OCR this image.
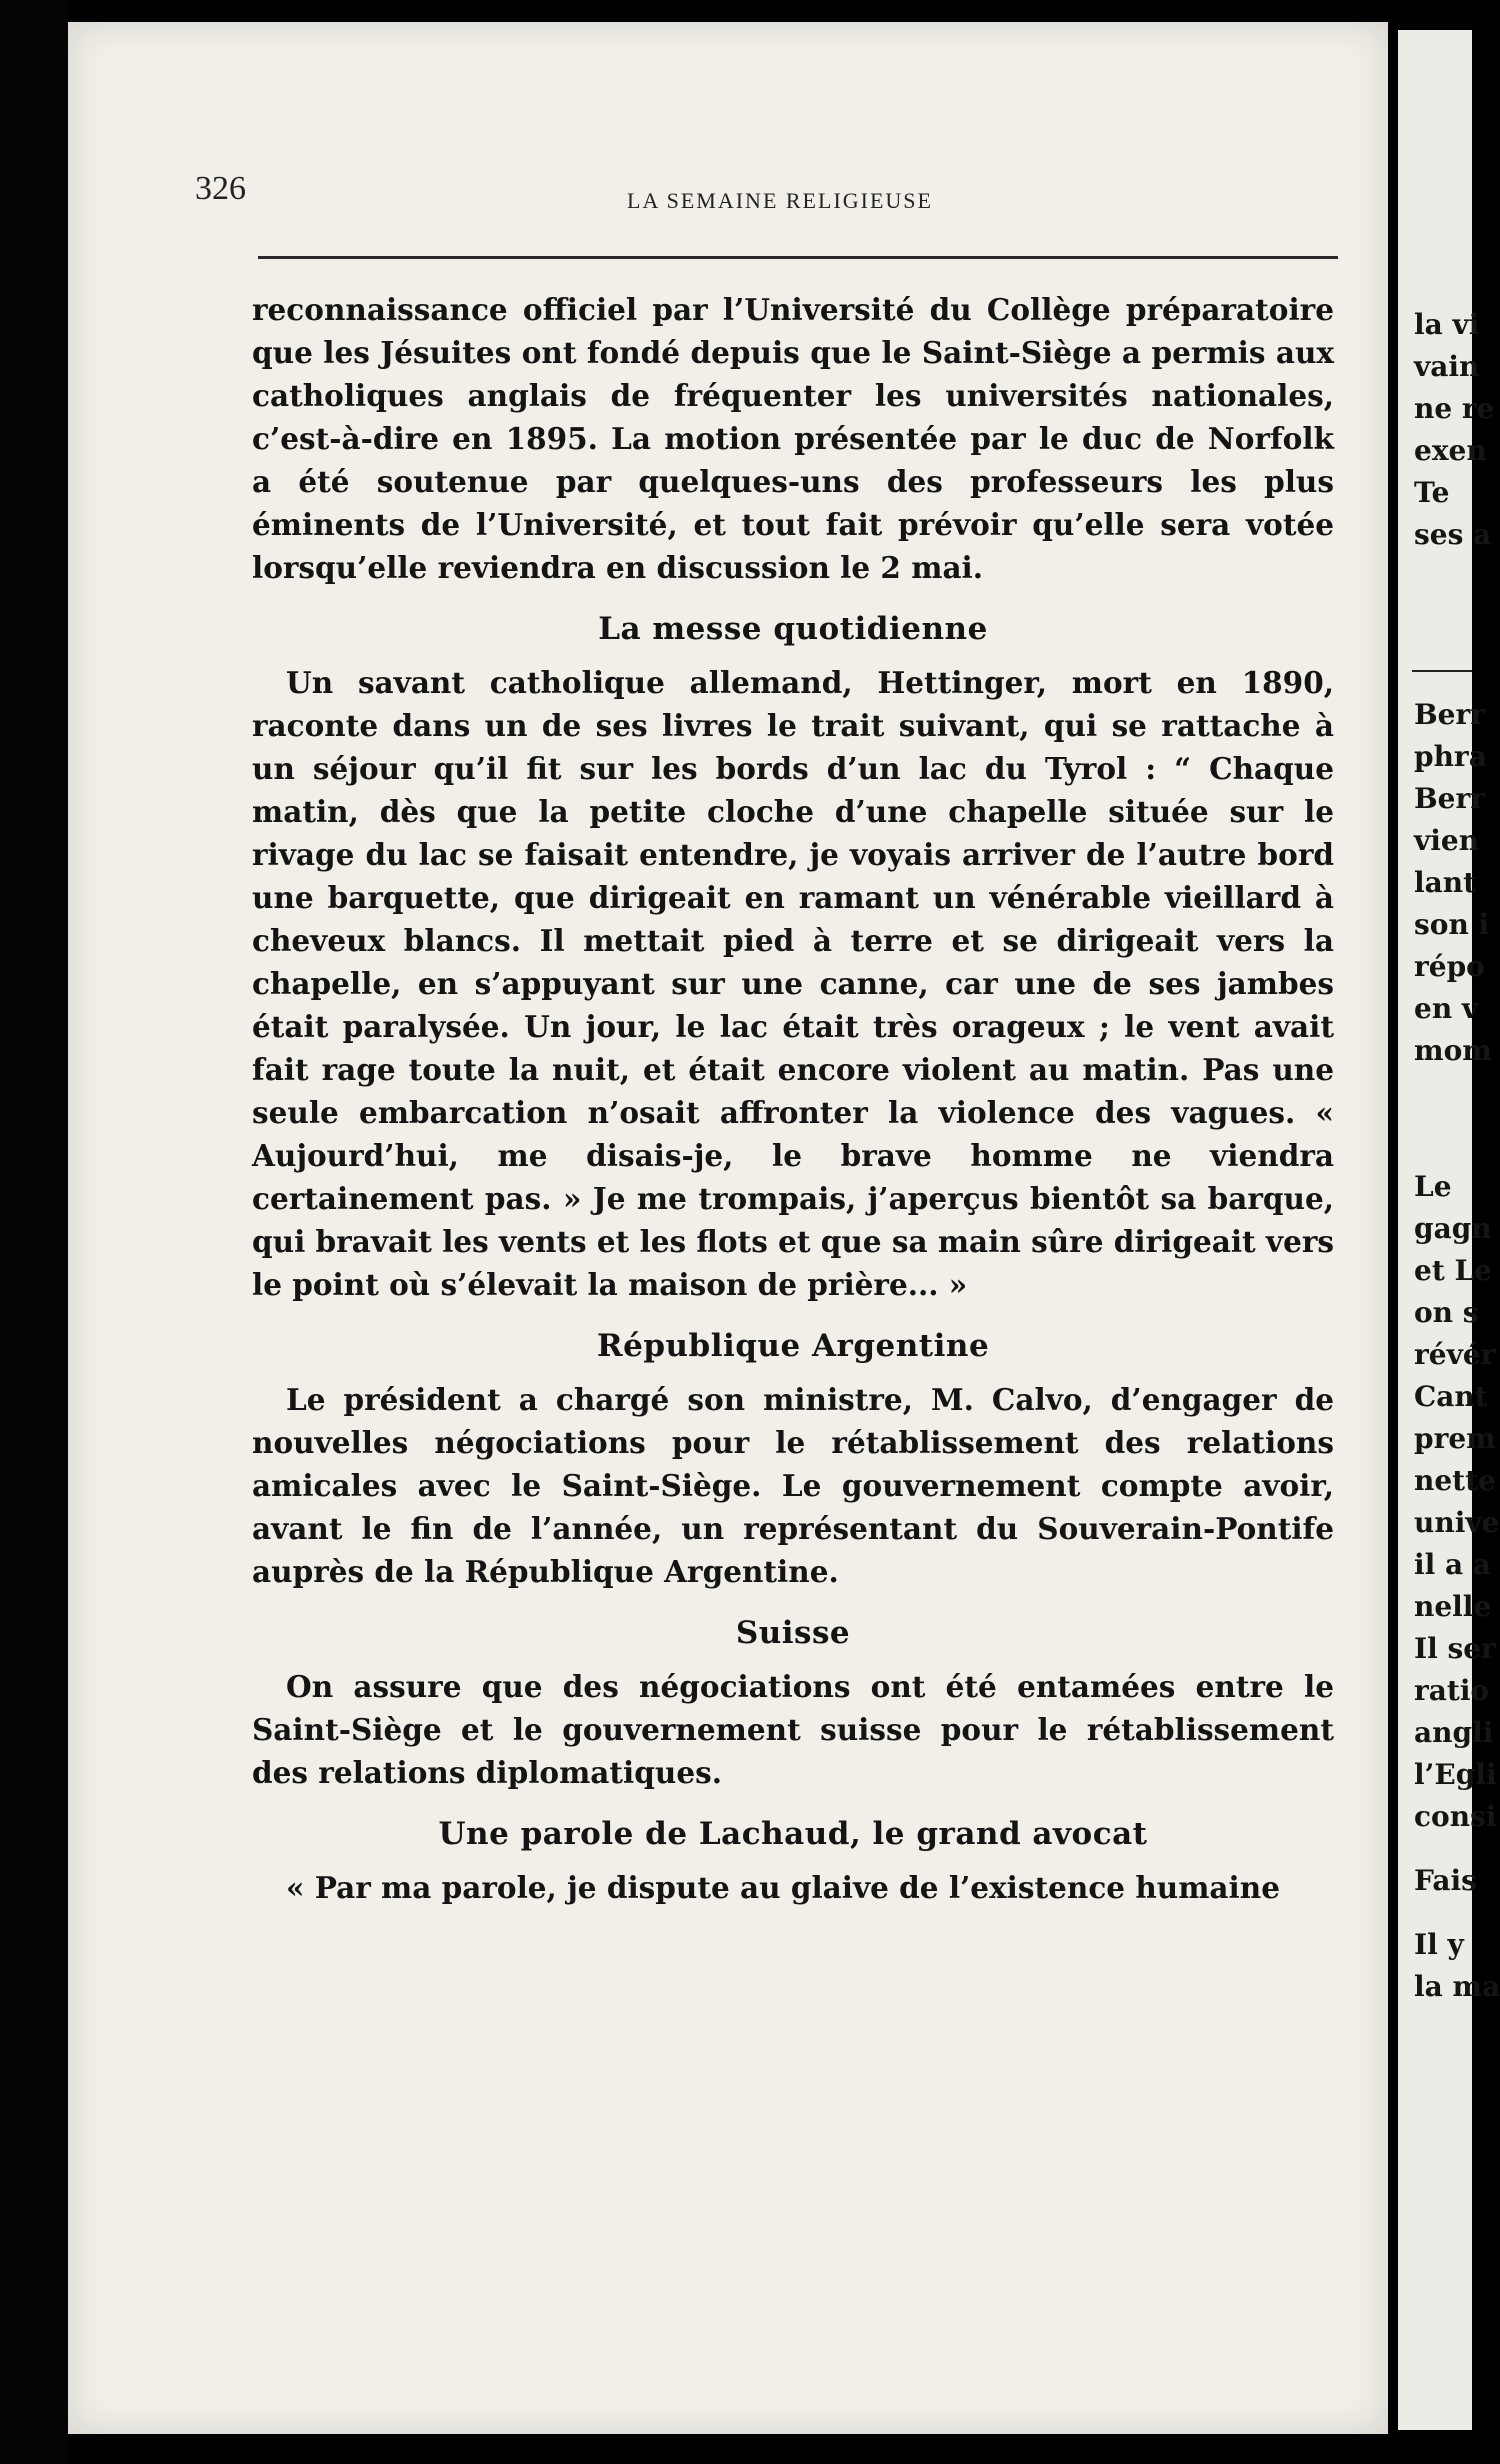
326	LA SEMAINE RELIGIEUSE

reconnaissance officiel par l’Université du Collège préparatoire que les Jésuites ont fondé depuis que le Saint-Siège a permis aux catholiques anglais de fréquenter les universités nationales, c’est-à-dire en 1895. La motion présentée par le duc de Norfolk a été soutenue par quelques-uns des professeurs les plus éminents de l’Université, et tout fait prévoir qu’elle sera votée lorsqu’elle reviendra en discussion le 2 mai.

La messe quotidienne

Un savant catholique allemand, Hettinger, mort en 1890, raconte dans un de ses livres le trait suivant, qui se rattache à un séjour qu’il fit sur les bords d’un lac du Tyrol : “ Chaque matin, dès que la petite cloche d’une chapelle située sur le rivage du lac se faisait entendre, je voyais arriver de l’autre bord une barquette, que dirigeait en ramant un vénérable vieillard à cheveux blancs. Il mettait pied à terre et se dirigeait vers la chapelle, en s’appuyant sur une canne, car une de ses jambes était paralysée. Un jour, le lac était très orageux ; le vent avait fait rage toute la nuit, et était encore violent au matin. Pas une seule embarcation n’osait affronter la violence des vagues. « Aujourd’hui, me disais-je, le brave homme ne viendra certainement pas. » Je me trompais, j’aperçus bientôt sa barque, qui bravait les vents et les flots et que sa main sûre dirigeait vers le point où s’élevait la maison de prière... »

République Argentine

Le président a chargé son ministre, M. Calvo, d’engager de nouvelles négociations pour le rétablissement des relations amicales avec le Saint-Siège. Le gouvernement compte avoir, avant le fin de l’année, un représentant du Souverain-Pontife auprès de la République Argentine.

Suisse

On assure que des négociations ont été entamées entre le Saint-Siège et le gouvernement suisse pour le rétablissement des relations diplomatiques.

Une parole de Lachaud, le grand avocat

« Par ma parole, je dispute au glaive de l’existence humaine

la vi
vain
ne re
exen
Te
ses a
Berr
phra
Berr
vien
lant
son i
répo
en v
mom
Le
gagn
et Le
on s
révér
Cant
prem
nette
unive
il a a
nelle
Il ser
ratio
angli
l’Egli
consi
Fais
Il y
la ma
